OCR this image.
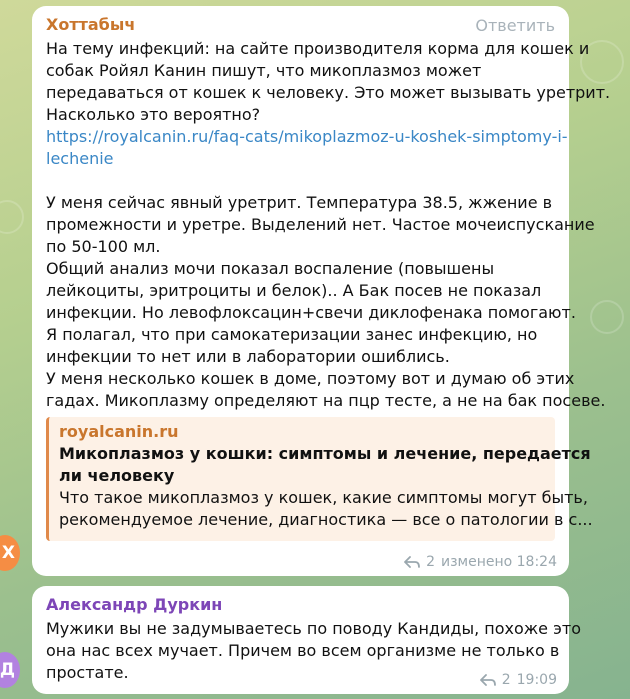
Хоттабыч	Ответить
На тему инфекций: на сайте производителя корма для кошек и
собак Ройял Канин пишут, что микоплазмоз может
передаваться от кошек к человеку. Это может вызывать уретрит.
Насколько это вероятно?
https://royalcanin.ru/faq-cats/mikoplazmoz-u-koshek-simptomy-i-
lechenie
У меня сейчас явный уретрит. Температура 38.5, жжение в
промежности и уретре. Выделений нет. Частое мочеиспускание
по 50-100 мл.
Общий анализ мочи показал воспаление (повышены
лейкоциты, эритроциты и белок).. А Бак посев не показал
инфекции. Но левофлоксацин+свечи диклофенака помогают.
Я полагал, что при самокатеризации занес инфекцию, но
инфекции то нет или в лаборатории ошиблись.
У меня несколько кошек в доме, поэтому вот и думаю об этих
гадах. Микоплазму определяют на пцр тесте, а не на бак посеве.
royalcanin.ru
Микоплазмоз у кошки: симптомы и лечение, передается
ли человеку
Что такое микоплазмоз у кошек, какие симптомы могут быть,
рекомендуемое лечение, диагностика — все о патологии в с...
2 изменено 18:24
Х
Александр Дуркин
Мужики вы не задумываетесь по поводу Кандиды, похоже это
она нас всех мучает. Причем во всем организме не только в
простате.	2 19:09
Д
